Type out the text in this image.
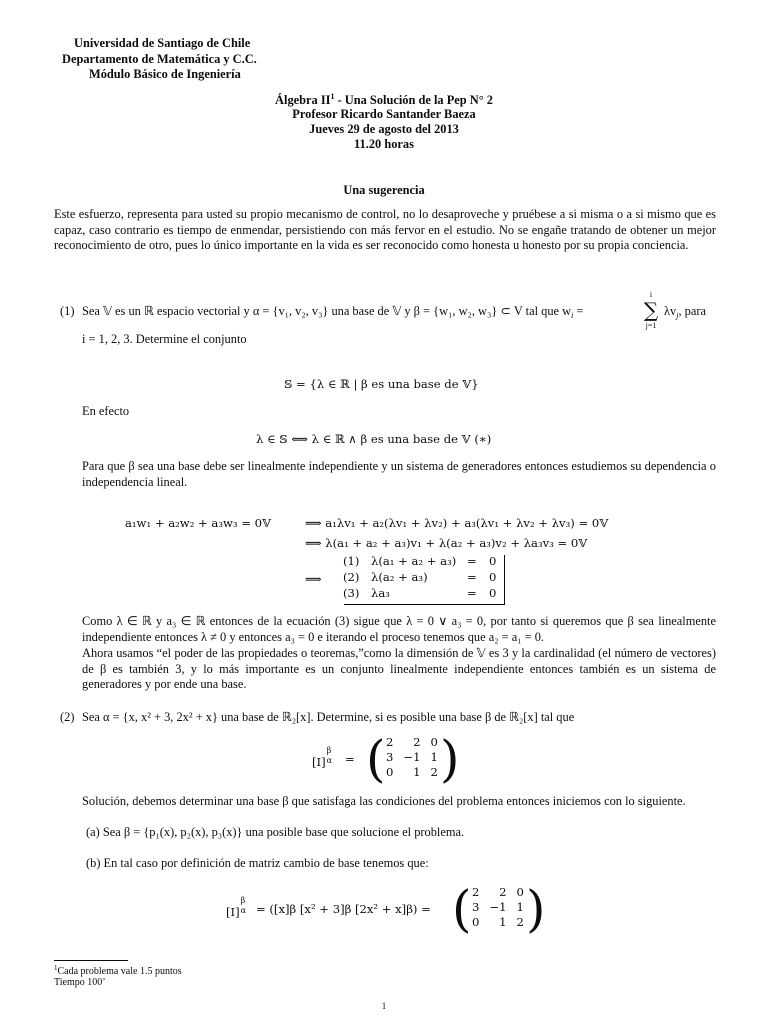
Universidad de Santiago de Chile
Departamento de Matemática y C.C.
Módulo Básico de Ingeniería
Álgebra $II^1$ - Una Solución de la Pep N° 2
Profesor Ricardo Santander Baeza
Jueves 29 de agosto del 2013
11.20 horas
Una sugerencia
Este esfuerzo, representa para usted su propio mecanismo de control, no lo desaproveche y pruébese a si misma o a si mismo que es capaz, caso contrario es tiempo de enmendar, persistiendo con más fervor en el estudio. No se engañe tratando de obtener un mejor reconocimiento de otro, pues lo único importante en la vida es ser reconocido como honesta u honesto por su propia conciencia.
(1) Sea 𝕍 es un ℝ espacio vectorial y α = {v₁, v₂, v₃} una base de 𝕍 y β = {w₁, w₂, w₃} ⊂ V tal que $w_i$ =
i
∑
j=1
$\lambda v_j$, para
i = 1, 2, 3. Determine el conjunto
𝕊 = {λ ∈ ℝ | β es una base de 𝕍}
En efecto
λ ∈ 𝕊 ⟺ λ ∈ ℝ ∧ β es una base de 𝕍 (∗)
Para que β sea una base debe ser linealmente independiente y un sistema de generadores entonces estudiemos su dependencia o independencia lineal.
a₁w₁ + a₂w₂ + a₃w₃ = 0𝕍	⟹ a₁λv₁ + a₂(λv₁ + λv₂) + a₃(λv₁ + λv₂ + λv₃) = 0𝕍
⟹ λ(a₁ + a₂ + a₃)v₁ + λ(a₂ + a₃)v₂ + λa₃v₃ = 0𝕍
⟹
(1) λ(a₁ + a₂ + a₃) = 0
(2) λ(a₂ + a₃)	= 0
(3) λa₃	= 0
Como λ ∈ ℝ y a₃ ∈ ℝ entonces de la ecuación (3) sigue que λ = 0 ∨ a₃ = 0, por tanto si queremos que β sea linealmente independiente entonces λ ≠ 0 y entonces a₃ = 0 e iterando el proceso tenemos que a₂ = a₁ = 0.
Ahora usamos “el poder de las propiedades o teoremas,”como la dimensión de 𝕍 es 3 y la cardinalidad (el número de vectores) de β es también 3, y lo más importante es un conjunto linealmente independiente entonces también es un sistema de generadores y por ende una base.
(2) Sea α = {x, x² + 3, 2x² + x} una base de ℝ₂[x]. Determine, si es posible una base β de ℝ₂[x] tal que
[I]
β
α = ( 2	2	0
3	−1	1
0	1	2 )
Solución, debemos determinar una base β que satisfaga las condiciones del problema entonces iniciemos con lo siguiente.
(a) Sea β = {p₁(x), p₂(x), p₃(x)} una posible base que solucione el problema.
(b) En tal caso por definición de matriz cambio de base tenemos que:
[I]
β
α = ([x]β [x² + 3]β [2x² + x]β) = ( 2	2	0
3	−1	1
0	1	2 )
$^1$Cada problema vale 1.5 puntos
Tiempo 100’
1
